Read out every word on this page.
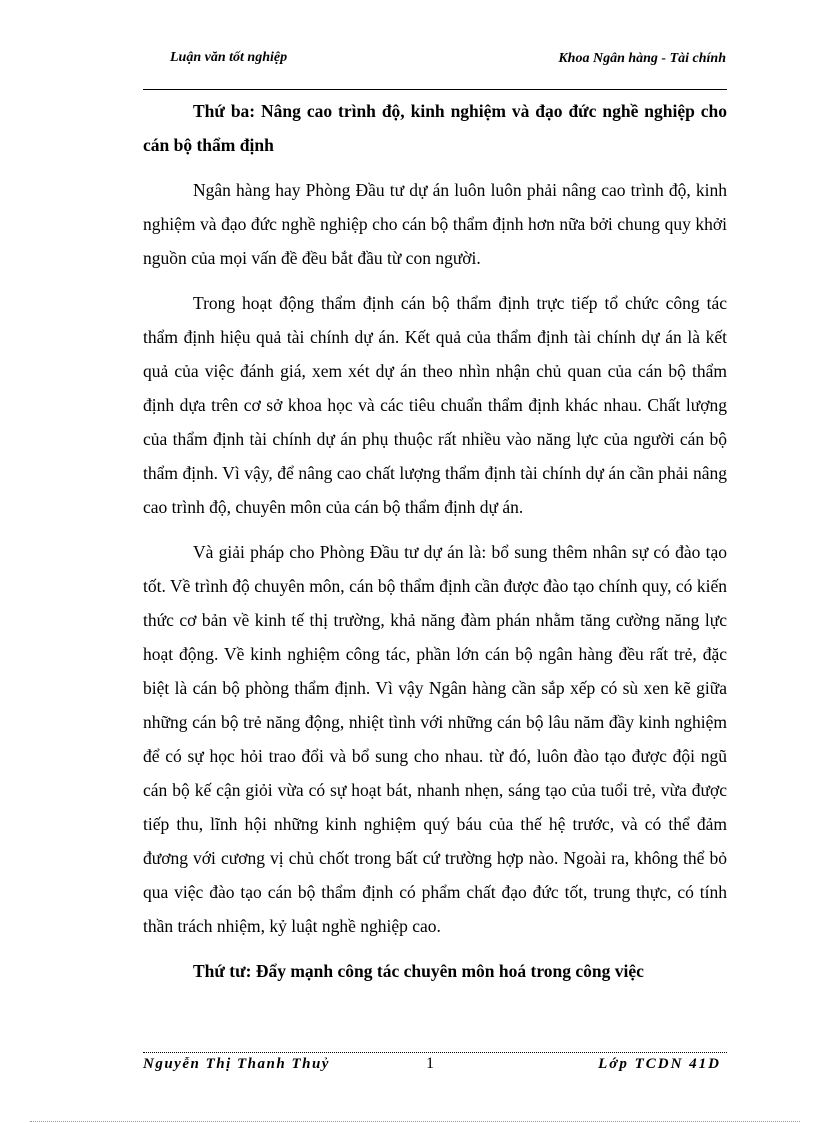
Luận văn tốt nghiệp	Khoa Ngân hàng - Tài chính

Thứ ba: Nâng cao trình độ, kinh nghiệm và đạo đức nghề nghiệp cho cán bộ thẩm định

Ngân hàng hay Phòng Đầu tư dự án luôn luôn phải nâng cao trình độ, kinh nghiệm và đạo đức nghề nghiệp cho cán bộ thẩm định hơn nữa bởi chung quy khởi nguồn của mọi vấn đề đều bắt đầu từ con người.

Trong hoạt động thẩm định cán bộ thẩm định trực tiếp tổ chức công tác thẩm định hiệu quả tài chính dự án. Kết quả của thẩm định tài chính dự án là kết quả của việc đánh giá, xem xét dự án theo nhìn nhận chủ quan của cán bộ thẩm định dựa trên cơ sở khoa học và các tiêu chuẩn thẩm định khác nhau. Chất lượng của thẩm định tài chính dự án phụ thuộc rất nhiều vào năng lực của người cán bộ thẩm định. Vì vậy, để nâng cao chất lượng thẩm định tài chính dự án cần phải nâng cao trình độ, chuyên môn của cán bộ thẩm định dự án.

Và giải pháp cho Phòng Đầu tư dự án là: bổ sung thêm nhân sự có đào tạo tốt. Về trình độ chuyên môn, cán bộ thẩm định cần được đào tạo chính quy, có kiến thức cơ bản về kinh tế thị trường, khả năng đàm phán nhằm tăng cường năng lực hoạt động. Về kinh nghiệm công tác, phần lớn cán bộ ngân hàng đều rất trẻ, đặc biệt là cán bộ phòng thẩm định. Vì vậy Ngân hàng cần sắp xếp có sù xen kẽ giữa những cán bộ trẻ năng động, nhiệt tình với những cán bộ lâu năm đầy kinh nghiệm để có sự học hỏi trao đổi và bổ sung cho nhau. từ đó, luôn đào tạo được đội ngũ cán bộ kế cận giỏi vừa có sự hoạt bát, nhanh nhẹn, sáng tạo của tuổi trẻ, vừa được tiếp thu, lĩnh hội những kinh nghiệm quý báu của thế hệ trước, và có thể đảm đương với cương vị chủ chốt trong bất cứ trường hợp nào. Ngoài ra, không thể bỏ qua việc đào tạo cán bộ thẩm định có phẩm chất đạo đức tốt, trung thực, có tính thần trách nhiệm, kỷ luật nghề nghiệp cao.

Thứ tư: Đẩy mạnh công tác chuyên môn hoá trong công việc

Nguyễn Thị Thanh Thuỷ	1	Lớp TCDN 41D
